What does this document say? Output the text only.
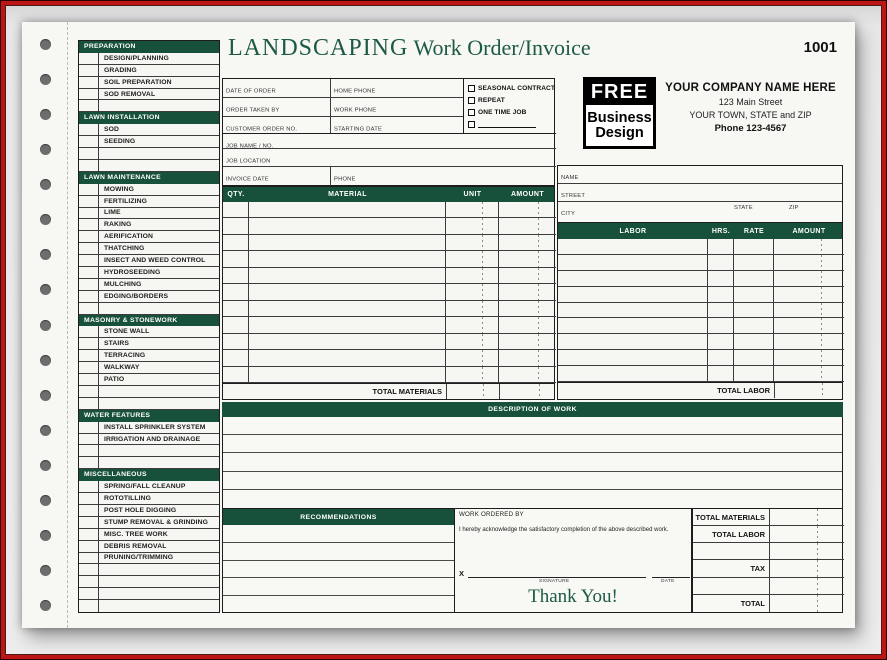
PREPARATION
DESIGN/PLANNING
GRADING
SOIL PREPARATION
SOD REMOVAL
LAWN INSTALLATION
SOD
SEEDING
LAWN MAINTENANCE
MOWING
FERTILIZING
LIME
RAKING
AERIFICATION
THATCHING
INSECT AND WEED CONTROL
HYDROSEEDING
MULCHING
EDGING/BORDERS
MASONRY & STONEWORK
STONE WALL
STAIRS
TERRACING
WALKWAY
PATIO
WATER FEATURES
INSTALL SPRINKLER SYSTEM
IRRIGATION AND DRAINAGE
MISCELLANEOUS
SPRING/FALL CLEANUP
ROTOTILLING
POST HOLE DIGGING
STUMP REMOVAL & GRINDING
MISC. TREE WORK
DEBRIS REMOVAL
PRUNING/TRIMMING
LANDSCAPING Work Order/Invoice	1001
FREE
Business
Design
YOUR COMPANY NAME HERE
123 Main Street
YOUR TOWN, STATE and ZIP
Phone 123-4567
DATE OF ORDER	HOME PHONE
ORDER TAKEN BY	WORK PHONE
CUSTOMER ORDER NO.	STARTING DATE
SEASONAL CONTRACT
REPEAT
ONE TIME JOB
JOB NAME / NO.
JOB LOCATION
INVOICE DATE	PHONE
QTY.	MATERIAL	UNIT	AMOUNT
TOTAL MATERIALS
NAME
STREET
CITY
STATE	ZIP
LABOR	HRS.	RATE	AMOUNT
TOTAL LABOR
DESCRIPTION OF WORK
RECOMMENDATIONS	WORK ORDERED BY
I hereby acknowledge the satisfactory completion of the above described work.
X
SIGNATURE	DATE
Thank You!
TOTAL MATERIALS
TOTAL LABOR
TAX
TOTAL
